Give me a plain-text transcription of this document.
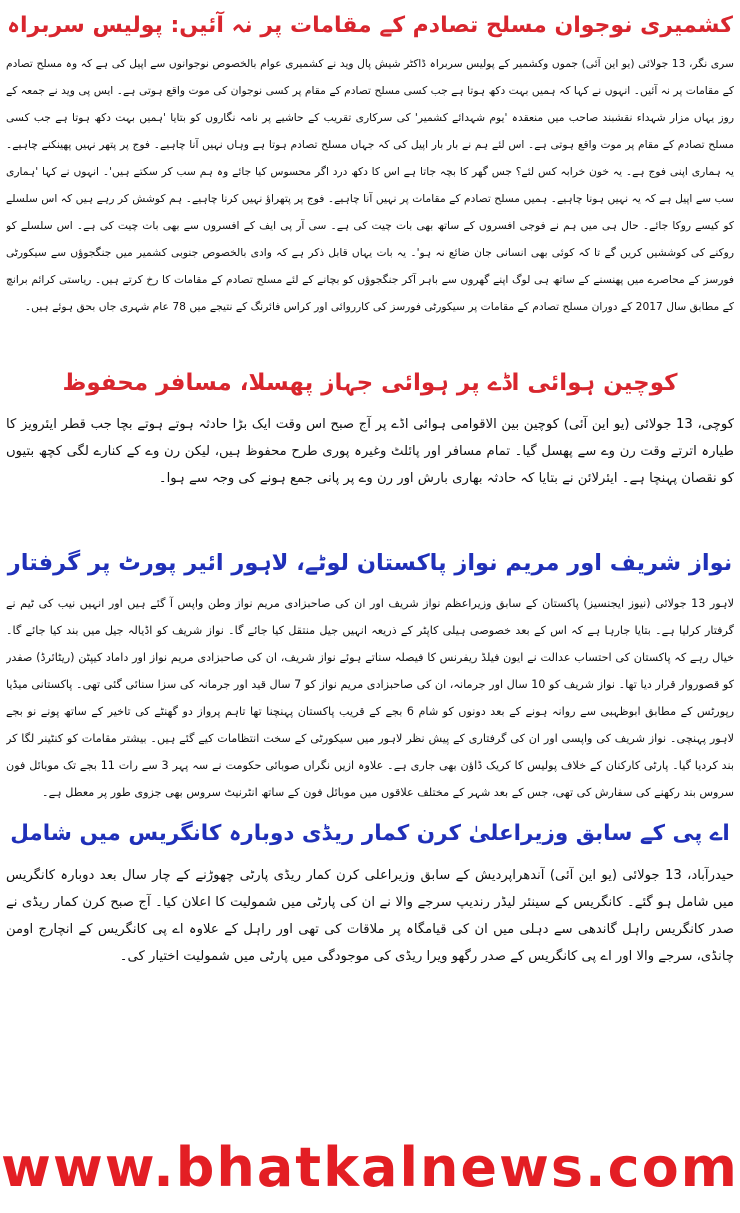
کشمیری نوجوان مسلح تصادم کے مقامات پر نہ آئیں: پولیس سربراہ

سری نگر، 13 جولائی (یو این آئی) جموں وکشمیر کے پولیس سربراہ ڈاکٹر شیش پال وید نے کشمیری عوام بالخصوص نوجوانوں سے اپیل کی ہے کہ وہ مسلح تصادم کے مقامات پر نہ آئیں۔ انہوں نے کہا کہ ہمیں بہت دکھ ہوتا ہے جب کسی مسلح تصادم کے مقام پر کسی نوجوان کی موت واقع ہوتی ہے۔ ایس پی وید نے جمعہ کے روز یہاں مزار شہداء نقشبند صاحب میں منعقدہ 'یوم شہدائے کشمیر' کی سرکاری تقریب کے حاشیے پر نامہ نگاروں کو بتایا 'ہمیں بہت دکھ ہوتا ہے جب کسی مسلح تصادم کے مقام پر موت واقع ہوتی ہے۔ اس لئے ہم نے بار بار اپیل کی کہ جہاں مسلح تصادم ہوتا ہے وہاں نہیں آنا چاہیے۔ فوج پر پتھر نہیں پھینکنے چاہیے۔ یہ ہماری اپنی فوج ہے۔ یہ خون خرابہ کس لئے؟ جس گھر کا بچہ جاتا ہے اس کا دکھ درد اگر محسوس کیا جائے وہ ہم سب کر سکتے ہیں'۔ انہوں نے کہا 'ہماری سب سے اپیل ہے کہ یہ نہیں ہونا چاہیے۔ ہمیں مسلح تصادم کے مقامات پر نہیں آنا چاہیے۔ فوج پر پتھراؤ نہیں کرنا چاہیے۔ ہم کوشش کر رہے ہیں کہ اس سلسلے کو کیسے روکا جائے۔ حال ہی میں ہم نے فوجی افسروں کے ساتھ بھی بات چیت کی ہے۔ سی آر پی ایف کے افسروں سے بھی بات چیت کی ہے۔ اس سلسلے کو روکنے کی کوششیں کریں گے تا کہ کوئی بھی انسانی جان ضائع نہ ہو'۔ یہ بات یہاں قابل ذکر ہے کہ وادی بالخصوص جنوبی کشمیر میں جنگجوؤں سے سیکورٹی فورسز کے محاصرے میں پھنسنے کے ساتھ ہی لوگ اپنے گھروں سے باہر آکر جنگجوؤں کو بچانے کے لئے مسلح تصادم کے مقامات کا رخ کرتے ہیں۔ ریاستی کرائم برانچ کے مطابق سال 2017 کے دوران مسلح تصادم کے مقامات پر سیکورٹی فورسز کی کارروائی اور کراس فائرنگ کے نتیجے میں 78 عام شہری جاں بحق ہوئے ہیں۔

کوچین ہوائی اڈے پر ہوائی جہاز پھسلا، مسافر محفوظ

کوچی، 13 جولائی (یو این آئی) کوچین بین الاقوامی ہوائی اڈے پر آج صبح اس وقت ایک بڑا حادثہ ہوتے ہوتے بچا جب قطر ایئرویز کا طیارہ اترتے وقت رن وے سے پھسل گیا۔ تمام مسافر اور پائلٹ وغیرہ پوری طرح محفوظ ہیں، لیکن رن وے کے کنارے لگی کچھ بتیوں کو نقصان پہنچا ہے۔ ایئرلائن نے بتایا کہ حادثہ بھاری بارش اور رن وے پر پانی جمع ہونے کی وجہ سے ہوا۔

نواز شریف اور مریم نواز پاکستان لوٹے، لاہور ائیر پورٹ پر گرفتار

لاہور 13 جولائی (نیوز ایجنسیز) پاکستان کے سابق وزیراعظم نواز شریف اور ان کی صاحبزادی مریم نواز وطن واپس آ گئے ہیں اور انہیں نیب کی ٹیم نے گرفتار کرلیا ہے۔ بتایا جارہا ہے کہ اس کے بعد خصوصی ہیلی کاپٹر کے ذریعہ انہیں جیل منتقل کیا جائے گا۔ نواز شریف کو اڈیالہ جیل میں بند کیا جائے گا۔ خیال رہے کہ پاکستان کی احتساب عدالت نے ایون فیلڈ ریفرنس کا فیصلہ سناتے ہوئے نواز شریف، ان کی صاحبزادی مریم نواز اور داماد کیپٹن (ریٹائرڈ) صفدر کو قصوروار قرار دیا تھا۔ نواز شریف کو 10 سال اور جرمانہ، ان کی صاحبزادی مریم نواز کو 7 سال قید اور جرمانہ کی سزا سنائی گئی تھی۔ پاکستانی میڈیا رپورٹس کے مطابق ابوظہبی سے روانہ ہونے کے بعد دونوں کو شام 6 بجے کے قریب پاکستان پہنچنا تھا تاہم پرواز دو گھنٹے کی تاخیر کے ساتھ پونے نو بجے لاہور پہنچی۔ نواز شریف کی واپسی اور ان کی گرفتاری کے پیش نظر لاہور میں سیکورٹی کے سخت انتظامات کیے گئے ہیں۔ بیشتر مقامات کو کنٹینر لگا کر بند کردیا گیا۔ پارٹی کارکنان کے خلاف پولیس کا کریک ڈاؤن بھی جاری ہے۔ علاوہ ازیں نگراں صوبائی حکومت نے سہ پہر 3 سے رات 11 بجے تک موبائل فون سروس بند رکھنے کی سفارش کی تھی، جس کے بعد شہر کے مختلف علاقوں میں موبائل فون کے ساتھ انٹرنیٹ سروس بھی جزوی طور پر معطل ہے۔

اے پی کے سابق وزیراعلیٰ کرن کمار ریڈی دوبارہ کانگریس میں شامل

حیدرآباد، 13 جولائی (یو این آئی) آندھراپردیش کے سابق وزیراعلی کرن کمار ریڈی پارٹی چھوڑنے کے چار سال بعد دوبارہ کانگریس میں شامل ہو گئے۔ کانگریس کے سینئر لیڈر رندیپ سرجے والا نے ان کی پارٹی میں شمولیت کا اعلان کیا۔ آج صبح کرن کمار ریڈی نے صدر کانگریس راہل گاندھی سے دہلی میں ان کی قیامگاہ پر ملاقات کی تھی اور راہل کے علاوہ اے پی کانگریس کے انچارج اومن چانڈی، سرجے والا اور اے پی کانگریس کے صدر رگھو ویرا ریڈی کی موجودگی میں پارٹی میں شمولیت اختیار کی۔

www.bhatkalnews.com
